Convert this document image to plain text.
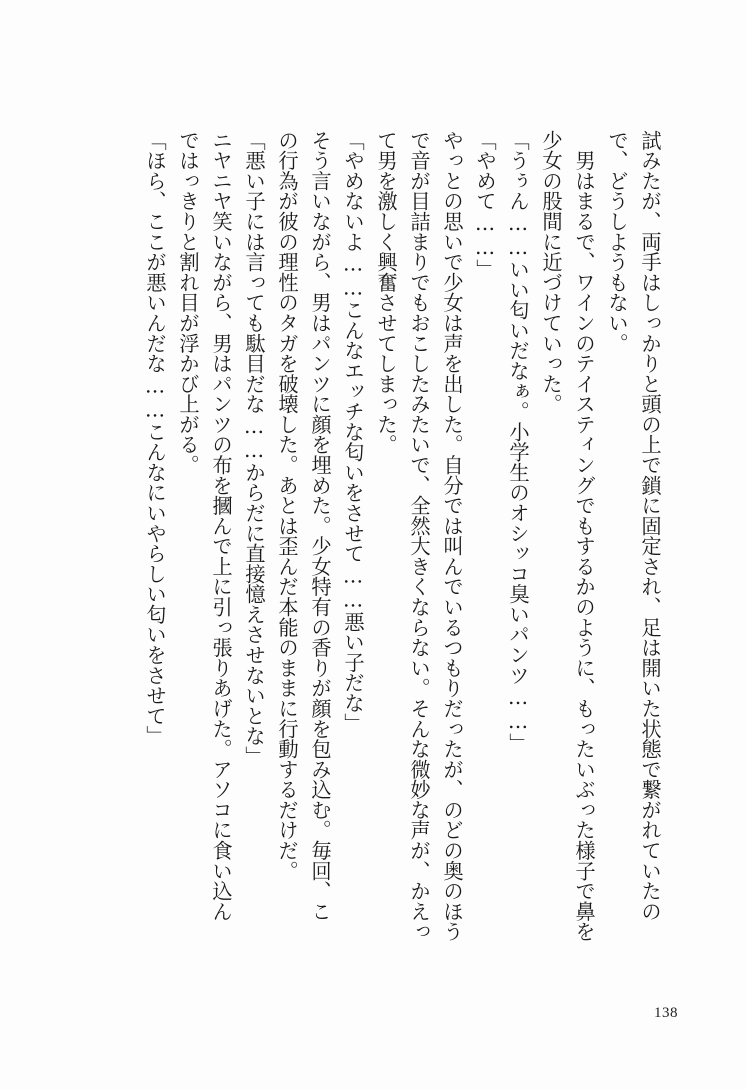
試みたが、両手はしっかりと頭の上で鎖に固定され、足は開いた状態で繋がれていたの
で、どうしようもない。
　男はまるで、ワインのテイスティングでもするかのように、もったいぶった様子で鼻を
少女の股間に近づけていった。
「うぅん……いい匂いだなぁ。小学生のオシッコ臭いパンツ……」
「やめて……」
やっとの思いで少女は声を出した。自分では叫んでいるつもりだったが、のどの奥のほう
で音が目詰まりでもおこしたみたいで、全然大きくならない。そんな微妙な声が、かえっ
て男を激しく興奮させてしまった。
「やめないよ……こんなエッチな匂いをさせて……悪い子だな」
そう言いながら、男はパンツに顔を埋めた。少女特有の香りが顔を包み込む。毎回、こ
の行為が彼の理性のタガを破壊した。あとは歪んだ本能のままに行動するだけだ。
「悪い子には言っても駄目だな……からだに直接憶えさせないとな」
ニヤニヤ笑いながら、男はパンツの布を摑んで上に引っ張りあげた。アソコに食い込ん
ではっきりと割れ目が浮かび上がる。
「ほら、ここが悪いんだな……こんなにいやらしい匂いをさせて」
138
